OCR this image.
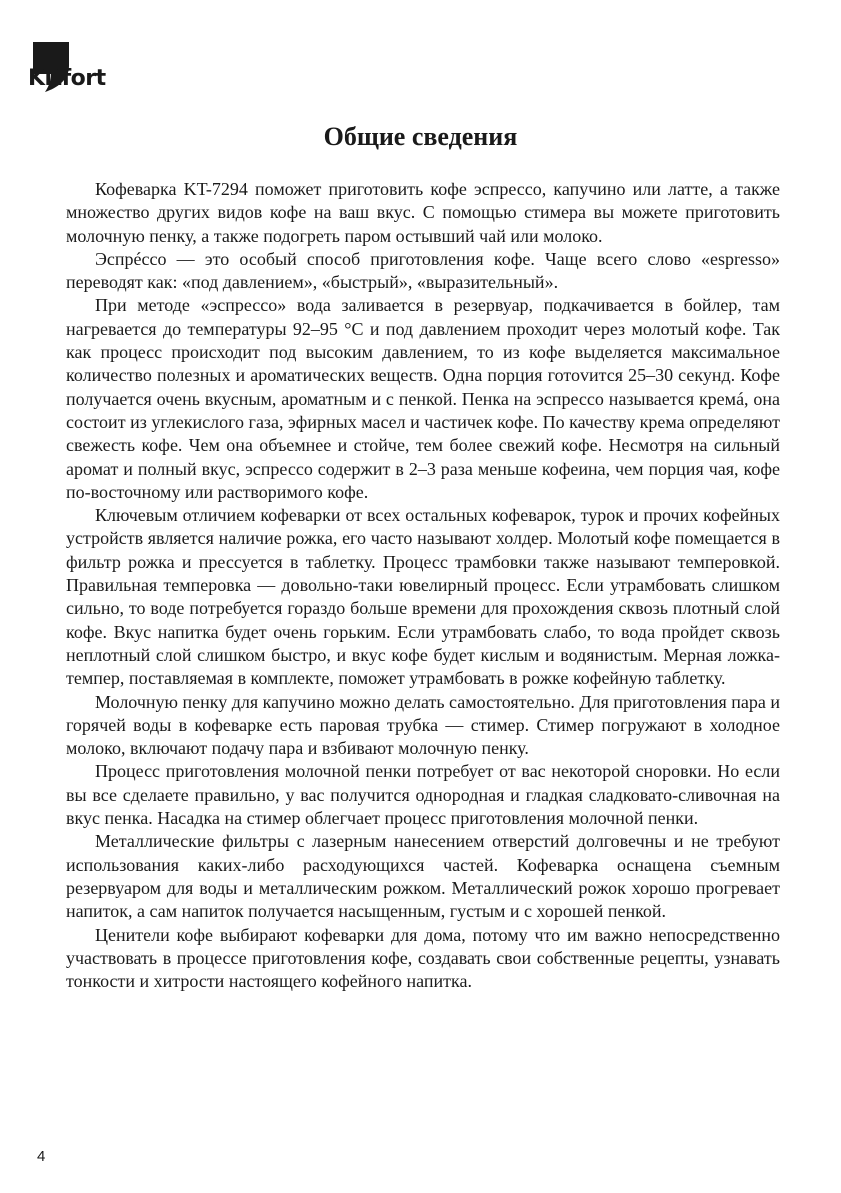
Kitfort
Общие сведения

Кофеварка KT-7294 поможет приготовить кофе эспрессо, капучино или латте, а также множество других видов кофе на ваш вкус. С помощью стимера вы можете приготовить молочную пенку, а также подогреть паром остывший чай или молоко.

Эспрéссо — это особый способ приготовления кофе. Чаще всего слово «espresso» переводят как: «под давлением», «быстрый», «выразительный».

При методе «эспрессо» вода заливается в резервуар, подкачивается в бойлер, там нагревается до температуры 92–95 °С и под давлением проходит через молотый кофе. Так как процесс происходит под высоким давлением, то из кофе выделяется максимальное количество полезных и ароматических веществ. Одна порция готоvится 25–30 секунд. Кофе получается очень вкусным, ароматным и с пенкой. Пенка на эспрессо называется кремá, она состоит из углекислого газа, эфирных масел и частичек кофе. По качеству крема определяют свежесть кофе. Чем она объемнее и стойче, тем более свежий кофе. Несмотря на сильный аромат и полный вкус, эспрессо содержит в 2–3 раза меньше кофеина, чем порция чая, кофе по-восточному или растворимого кофе.

Ключевым отличием кофеварки от всех остальных кофеварок, турок и прочих кофейных устройств является наличие рожка, его часто называют холдер. Молотый кофе помещается в фильтр рожка и прессуется в таблетку. Процесс трамбовки также называют темперовкой. Правильная темперовка — довольно-таки ювелирный процесс. Если утрамбовать слишком сильно, то воде потребуется гораздо больше времени для прохождения сквозь плотный слой кофе. Вкус напитка будет очень горьким. Если утрамбовать слабо, то вода пройдет сквозь неплотный слой слишком быстро, и вкус кофе будет кислым и водянистым. Мерная ложка-темпер, поставляемая в комплекте, поможет утрамбовать в рожке кофейную таблетку.

Молочную пенку для капучино можно делать самостоятельно. Для приготовления пара и горячей воды в кофеварке есть паровая трубка — стимер. Стимер погружают в холодное молоко, включают подачу пара и взбивают молочную пенку.

Процесс приготовления молочной пенки потребует от вас некоторой сноровки. Но если вы все сделаете правильно, у вас получится однородная и гладкая сладковато-сливочная на вкус пенка. Насадка на стимер облегчает процесс приготовления молочной пенки.

Металлические фильтры с лазерным нанесением отверстий долговечны и не требуют использования каких-либо расходующихся частей. Кофеварка оснащена съемным резервуаром для воды и металлическим рожком. Металлический рожок хорошо прогревает напиток, а сам напиток получается насыщенным, густым и с хорошей пенкой.

Ценители кофе выбирают кофеварки для дома, потому что им важно непосредственно участвовать в процессе приготовления кофе, создавать свои собственные рецепты, узнавать тонкости и хитрости настоящего кофейного напитка.

4
